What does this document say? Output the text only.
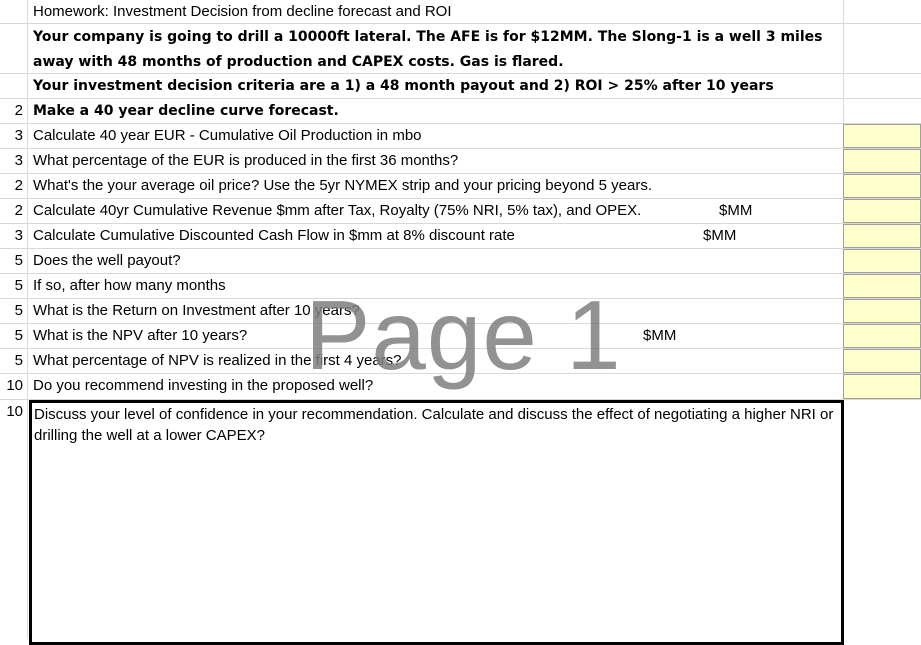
Homework: Investment Decision from decline forecast and ROI
Your company is going to drill a 10000ft lateral. The AFE is for $12MM. The Slong-1 is a well 3 miles away with 48 months of production and CAPEX costs. Gas is flared.
Your investment decision criteria are a 1) a 48 month payout and 2) ROI > 25% after 10 years
2 Make a 40 year decline curve forecast.
3 Calculate 40 year EUR - Cumulative Oil Production in mbo
3 What percentage of the EUR is produced in the first 36 months?
2 What's the your average oil price? Use the 5yr NYMEX strip and your pricing beyond 5 years.
2 Calculate 40yr Cumulative Revenue $mm after Tax, Royalty (75% NRI, 5% tax), and OPEX.	$MM
3 Calculate Cumulative Discounted Cash Flow in $mm at 8% discount rate	$MM
5 Does the well payout?
5 If so, after how many months
5 What is the Return on Investment after 10 years?
5 What is the NPV after 10 years?	$MM
5 What percentage of NPV is realized in the first 4 years?
10 Do you recommend investing in the proposed well?
10 Discuss your level of confidence in your recommendation. Calculate and discuss the effect of negotiating a higher NRI or drilling the well at a lower CAPEX?
Page 1
